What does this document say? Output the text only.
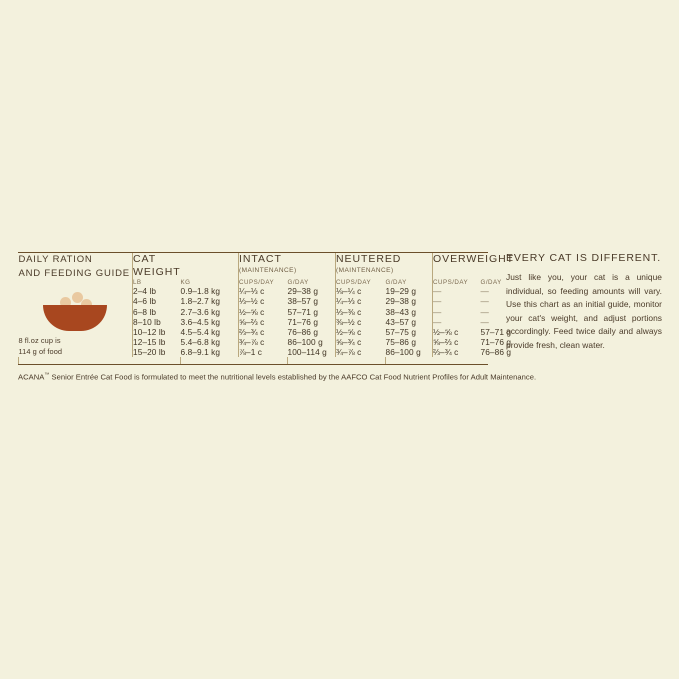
DAILY RATION
AND FEEDING GUIDE
8 fl.oz cup is
114 g of food

CAT
WEIGHT

INTACT
(MAINTENANCE)

NEUTERED
(MAINTENANCE)

OVERWEIGHT

	LB	KG	CUPS/DAY	G/DAY	CUPS/DAY	G/DAY	CUPS/DAY	G/DAY
	2–4 lb	0.9–1.8 kg	¼–⅓ c	29–38 g	⅛–¼ c	19–29 g	—	—
	4–6 lb	1.8–2.7 kg	⅓–½ c	38–57 g	¼–⅓ c	29–38 g	—	—
	6–8 lb	2.7–3.6 kg	½–⅝ c	57–71 g	⅓–⅜ c	38–43 g	—	—
	8–10 lb	3.6–4.5 kg	⅝–⅔ c	71–76 g	⅜–½ c	43–57 g	—	—
	10–12 lb	4.5–5.4 kg	⅔–¾ c	76–86 g	½–⅝ c	57–75 g	½–⅝ c	57–71 g
	12–15 lb	5.4–6.8 kg	¾–⅞ c	86–100 g	⅝–¾ c	75–86 g	⅝–⅔ c	71–76 g
	15–20 lb	6.8–9.1 kg	⅞–1 c	100–114 g	¾–⅞ c	86–100 g	⅔–¾ c	76–86 g

EVERY CAT IS DIFFERENT.
Just like you, your cat is a unique individual, so feeding amounts will vary. Use this chart as an initial guide, monitor your cat's weight, and adjust portions accordingly. Feed twice daily and always provide fresh, clean water.
ACANA™ Senior Entrée Cat Food is formulated to meet the nutritional levels established by the AAFCO Cat Food Nutrient Profiles for Adult Maintenance.
